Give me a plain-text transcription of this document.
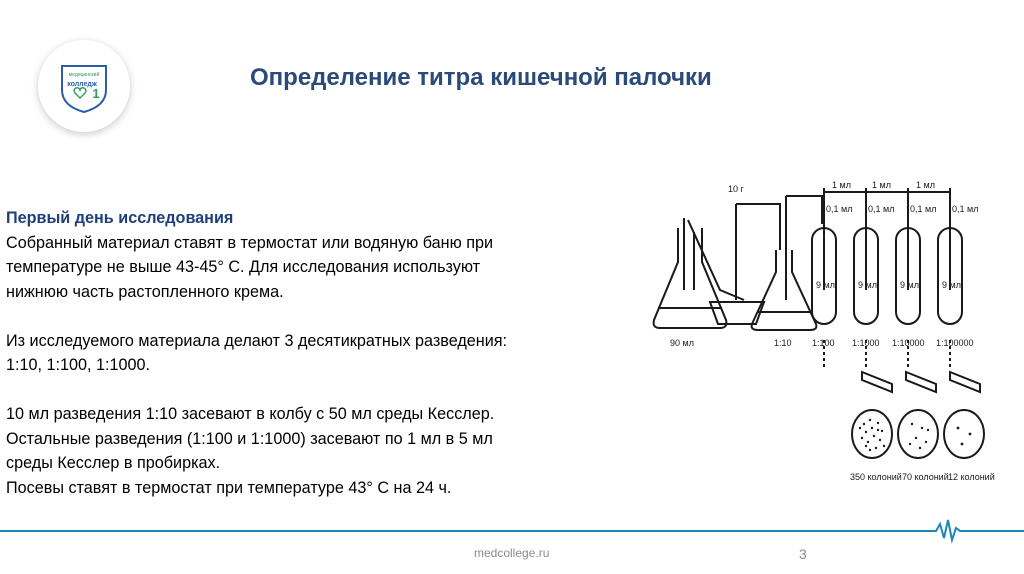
медицинский
колледж
1
Определение титра кишечной палочки
Первый день исследования

Собранный материал ставят в термостат или водяную баню при
температуре не выше 43-45° С. Для исследования используют
нижнюю часть растопленного крема.

Из исследуемого материала делают 3 десятикратных разведения:
1:10, 1:100, 1:1000.

10 мл разведения 1:10 засевают в колбу с 50 мл среды Кесслер.
Остальные разведения (1:100 и 1:1000) засевают по 1 мл в 5 мл
среды Кесслер в пробирках.
Посевы ставят в термостат при температуре 43° С на 24 ч.

90 мл
10 г
1:10
1 мл 1 мл	1 мл
0,1 мл 0,1 мл 0,1 мл 0,1 мл
9 мл	9 мл	9 мл	9 мл
1:100 1:1000 1:10000 1:100000
350 колоний 70 колоний 12 колоний
medcollege.ru	3
